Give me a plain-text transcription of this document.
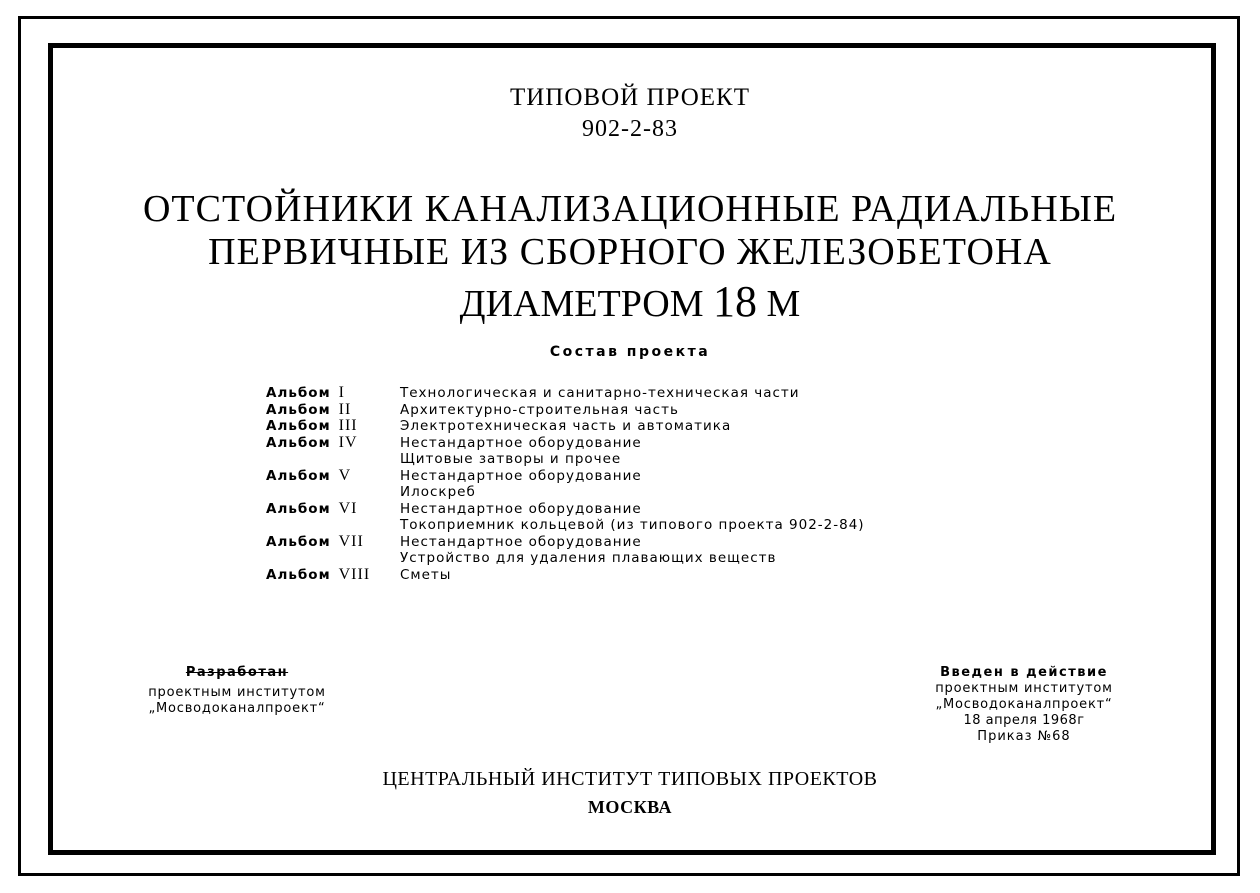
ТИПОВОЙ ПРОЕКТ
902-2-83
ОТСТОЙНИКИ КАНАЛИЗАЦИОННЫЕ РАДИАЛЬНЫЕ
ПЕРВИЧНЫЕ ИЗ СБОРНОГО ЖЕЛЕЗОБЕТОНА
ДИАМЕТРОМ 18 М
Состав проекта
Альбом I	Технологическая и санитарно-техническая части
Альбом II	Архитектурно-строительная часть
Альбом III	Электротехническая часть и автоматика
Альбом IV	Нестандартное оборудование
Щитовые затворы и прочее
Альбом V	Нестандартное оборудование
Илоскреб
Альбом VI	Нестандартное оборудование
Токоприемник кольцевой (из типового проекта 902-2-84)
Альбом VII	Нестандартное оборудование
Устройство для удаления плавающих веществ
Альбом VIII	Сметы
Разработан
проектным институтом
„Мосводоканалпроект“
Введен в действие
проектным институтом
„Мосводоканалпроект“
18 апреля 1968г
Приказ №68
ЦЕНТРАЛЬНЫЙ ИНСТИТУТ ТИПОВЫХ ПРОЕКТОВ
МОСКВА
